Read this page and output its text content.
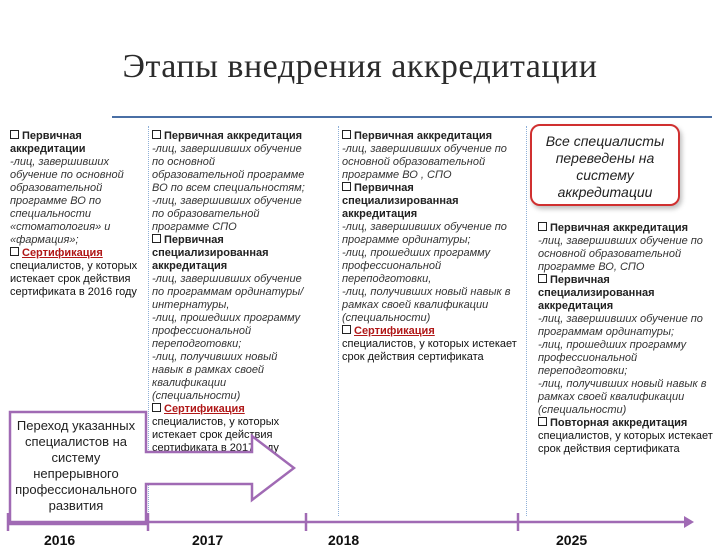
Этапы внедрения аккредитации
Первичная аккредитации
-лиц, завершивших обучение по основной образовательной программе ВО по специальности «стоматология» и «фармация»;
Сертификация
специалистов, у которых истекает срок действия сертификата в 2016 году
Первичная аккредитация
-лиц, завершивших обучение по основной образовательной программе ВО по всем специальностям;
-лиц, завершивших обучение по образовательной программе СПО
Первичная специализированная аккредитация
-лиц, завершивших обучение по программам ординатуры/ интернатуры,
-лиц, прошедших программу профессиональной переподготовки;
-лиц, получивших новый навык в рамках своей квалификации (специальности)
Сертификация
специалистов, у которых истекает срок действия сертификата в 2017 году
Первичная аккредитация
-лиц, завершивших обучение по основной образовательной программе ВО , СПО
Первичная специализированная аккредитация
-лиц, завершивших обучение по программе ординатуры;
-лиц, прошедших программу профессиональной переподготовки,
-лиц, получивших новый навык в рамках своей квалификации (специальности)
Сертификация
специалистов, у которых истекает срок действия сертификата
Все специалисты переведены на систему аккредитации
Первичная аккредитация
-лиц, завершивших обучение по основной образовательной программе ВО, СПО
Первичная специализированная аккредитация
-лиц, завершивших обучение по программам ординатуры;
-лиц, прошедших программу профессиональной переподготовки;
-лиц, получивших новый навык в рамках своей квалификации (специальности)
Повторная аккредитация
специалистов, у которых истекает срок действия сертификата
Переход указанных специалистов на систему непрерывного профессионального развития
2016	2017	2018	2025
